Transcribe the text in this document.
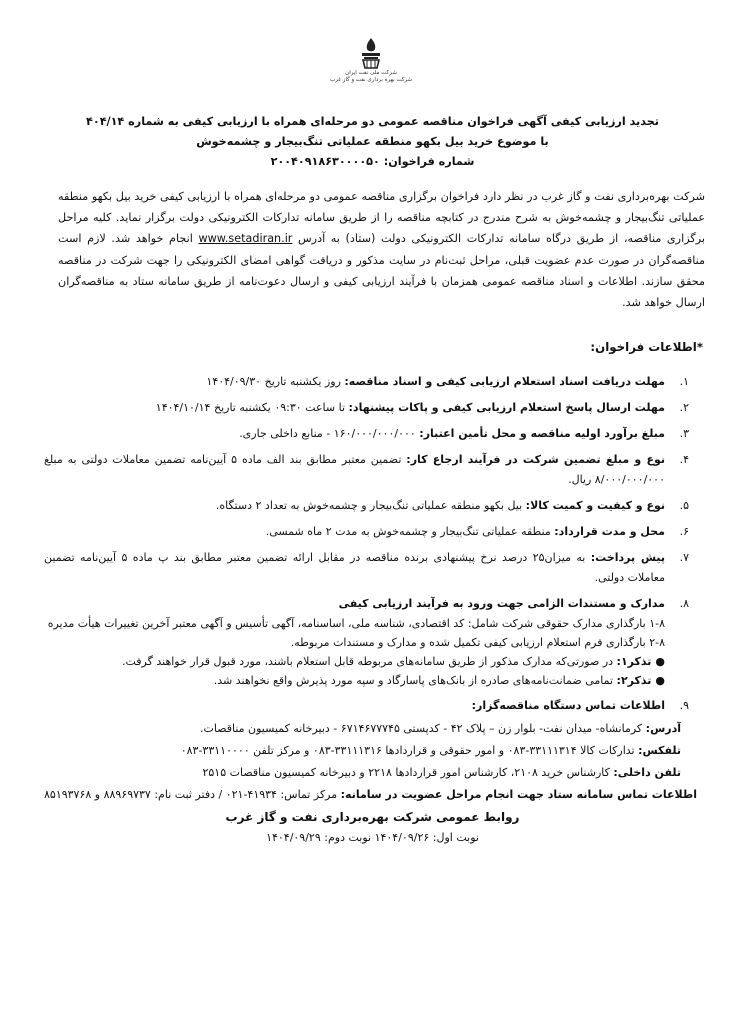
شرکت ملی نفت ایران
شرکت بهره برداری نفت و گاز غرب
تجدید ارزیابی کیفی آگهی فراخوان مناقصه عمومی دو مرحله‌ای همراه با ارزیابی کیفی به شماره ۴۰۴/۱۴
با موضوع خرید بیل بکهو منطقه عملیاتی تنگ‌بیجار و چشمه‌خوش
شماره فراخوان: ۲۰۰۴۰۹۱۸۶۳۰۰۰۰۵۰
شرکت بهره‌برداری نفت و گاز غرب در نظر دارد فراخوان برگزاری مناقصه عمومی دو مرحله‌ای همراه با ارزیابی کیفی خرید بیل بکهو منطقه عملیاتی تنگ‌بیجار و چشمه‌خوش به شرح مندرج در کتابچه مناقصه را از طریق سامانه تدارکات الکترونیکی دولت برگزار نماید. کلیه مراحل برگزاری مناقصه، از طریق درگاه سامانه تدارکات الکترونیکی دولت (ستاد) به آدرس www.setadiran.ir انجام خواهد شد. لازم است مناقصه‌گران در صورت عدم عضویت قبلی، مراحل ثبت‌نام در سایت مذکور و دریافت گواهی امضای الکترونیکی را جهت شرکت در مناقصه محقق سازند. اطلاعات و اسناد مناقصه عمومی همزمان با فرآیند ارزیابی کیفی و ارسال دعوت‌نامه از طریق سامانه ستاد به مناقصه‌گران ارسال خواهد شد.
*اطلاعات فراخوان:
۱.
مهلت دریافت اسناد استعلام ارزیابی کیفی و اسناد مناقصه: روز یکشنبه تاریخ ۱۴۰۴/۰۹/۳۰
۲.
مهلت ارسال پاسخ استعلام ارزیابی کیفی و پاکات پیشنهاد: تا ساعت ۰۹:۳۰ یکشنبه تاریخ ۱۴۰۴/۱۰/۱۴
۳.
مبلغ برآورد اولیه مناقصه و محل تأمین اعتبار: ۱۶۰/۰۰۰/۰۰۰/۰۰۰ - منابع داخلی جاری.
۴.
نوع و مبلغ تضمین شرکت در فرآیند ارجاع کار: تضمین معتبر مطابق بند الف ماده ۵ آیین‌نامه تضمین معاملات دولتی به مبلغ ۸/۰۰۰/۰۰۰/۰۰۰ ریال.
۵.
نوع و کیفیت و کمیت کالا: بیل بکهو منطقه عملیاتی تنگ‌بیجار و چشمه‌خوش به تعداد ۲ دستگاه.
۶.
محل و مدت قرارداد: منطقه عملیاتی تنگ‌بیجار و چشمه‌خوش به مدت ۲ ماه شمسی.
۷.
پیش پرداخت: به میزان۲۵ درصد نرخ پیشنهادی برنده مناقصه در مقابل ارائه تضمین معتبر مطابق بند پ ماده ۵ آیین‌نامه تضمین معاملات دولتی.
۸.
مدارک و مستندات الزامی جهت ورود به فرآیند ارزیابی کیفی
۱-۸ بارگذاری مدارک حقوقی شرکت شامل: کد اقتصادی، شناسه ملی، اساسنامه، آگهی تأسیس و آگهی معتبر آخرین تغییرات هیأت مدیره
۲-۸ بارگذاری فرم استعلام ارزیابی کیفی تکمیل شده و مدارک و مستندات مربوطه.
●تذکر۱: در صورتی‌که مدارک مذکور از طریق سامانه‌های مربوطه قابل استعلام باشند، مورد قبول قرار خواهند گرفت.
●تذکر۲: تمامی ضمانت‌نامه‌های صادره از بانک‌های پاسارگاد و سپه مورد پذیرش واقع نخواهند شد.
۹.
اطلاعات تماس دستگاه مناقصه‌گزار:
آدرس: کرمانشاه- میدان نفت- بلوار زن – پلاک ۴۲ - کدپستی ۶۷۱۴۶۷۷۷۴۵ - دبیرخانه کمیسیون مناقصات.
تلفکس: تدارکات کالا ۳۳۱۱۱۳۱۴-۰۸۳ و امور حقوقی و قراردادها ۳۳۱۱۱۳۱۶-۰۸۳ و مرکز تلفن ۳۳۱۱۰۰۰۰-۰۸۳
تلفن داخلی: کارشناس خرید ۲۱۰۸، کارشناس امور قراردادها ۲۲۱۸ و دبیرخانه کمیسیون مناقصات ۲۵۱۵
اطلاعات تماس سامانه ستاد جهت انجام مراحل عضویت در سامانه: مرکز تماس: ۴۱۹۳۴-۰۲۱ / دفتر ثبت نام: ۸۸۹۶۹۷۳۷ و ۸۵۱۹۳۷۶۸
روابط عمومی شرکت بهره‌برداری نفت و گاز غرب
نوبت اول: ۱۴۰۴/۰۹/۲۶ نوبت دوم: ۱۴۰۴/۰۹/۲۹
